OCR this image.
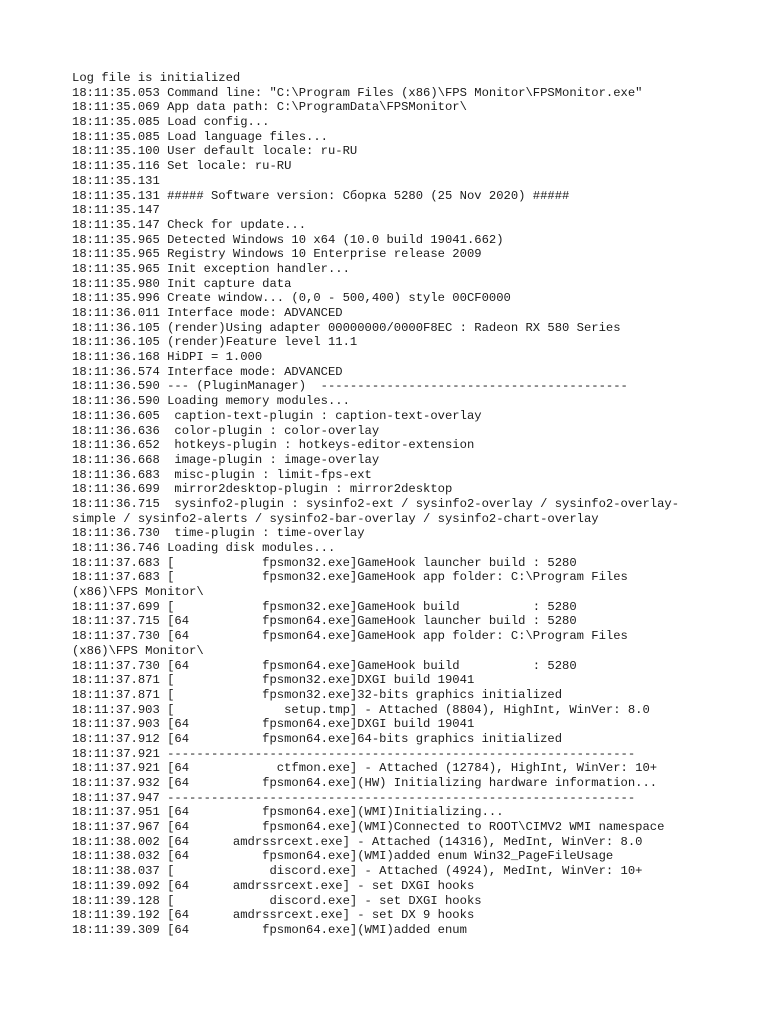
Log file is initialized
18:11:35.053 Command line: "C:\Program Files (x86)\FPS Monitor\FPSMonitor.exe"
18:11:35.069 App data path: C:\ProgramData\FPSMonitor\
18:11:35.085 Load config...
18:11:35.085 Load language files...
18:11:35.100 User default locale: ru-RU
18:11:35.116 Set locale: ru-RU
18:11:35.131
18:11:35.131 ##### Software version: Сборка 5280 (25 Nov 2020) #####
18:11:35.147
18:11:35.147 Check for update...
18:11:35.965 Detected Windows 10 x64 (10.0 build 19041.662)
18:11:35.965 Registry Windows 10 Enterprise release 2009
18:11:35.965 Init exception handler...
18:11:35.980 Init capture data
18:11:35.996 Create window... (0,0 - 500,400) style 00CF0000
18:11:36.011 Interface mode: ADVANCED
18:11:36.105 (render)Using adapter 00000000/0000F8EC : Radeon RX 580 Series
18:11:36.105 (render)Feature level 11.1
18:11:36.168 HiDPI = 1.000
18:11:36.574 Interface mode: ADVANCED
18:11:36.590 --- (PluginManager)  ------------------------------------------
18:11:36.590 Loading memory modules...
18:11:36.605  caption-text-plugin : caption-text-overlay
18:11:36.636  color-plugin : color-overlay
18:11:36.652  hotkeys-plugin : hotkeys-editor-extension
18:11:36.668  image-plugin : image-overlay
18:11:36.683  misc-plugin : limit-fps-ext
18:11:36.699  mirror2desktop-plugin : mirror2desktop
18:11:36.715  sysinfo2-plugin : sysinfo2-ext / sysinfo2-overlay / sysinfo2-overlay-
simple / sysinfo2-alerts / sysinfo2-bar-overlay / sysinfo2-chart-overlay
18:11:36.730  time-plugin : time-overlay
18:11:36.746 Loading disk modules...
18:11:37.683 [            fpsmon32.exe]GameHook launcher build : 5280
18:11:37.683 [            fpsmon32.exe]GameHook app folder: C:\Program Files
(x86)\FPS Monitor\
18:11:37.699 [            fpsmon32.exe]GameHook build          : 5280
18:11:37.715 [64          fpsmon64.exe]GameHook launcher build : 5280
18:11:37.730 [64          fpsmon64.exe]GameHook app folder: C:\Program Files
(x86)\FPS Monitor\
18:11:37.730 [64          fpsmon64.exe]GameHook build          : 5280
18:11:37.871 [            fpsmon32.exe]DXGI build 19041
18:11:37.871 [            fpsmon32.exe]32-bits graphics initialized
18:11:37.903 [               setup.tmp] - Attached (8804), HighInt, WinVer: 8.0
18:11:37.903 [64          fpsmon64.exe]DXGI build 19041
18:11:37.912 [64          fpsmon64.exe]64-bits graphics initialized
18:11:37.921 ----------------------------------------------------------------
18:11:37.921 [64            ctfmon.exe] - Attached (12784), HighInt, WinVer: 10+
18:11:37.932 [64          fpsmon64.exe](HW) Initializing hardware information...
18:11:37.947 ----------------------------------------------------------------
18:11:37.951 [64          fpsmon64.exe](WMI)Initializing...
18:11:37.967 [64          fpsmon64.exe](WMI)Connected to ROOT\CIMV2 WMI namespace
18:11:38.002 [64      amdrssrcext.exe] - Attached (14316), MedInt, WinVer: 8.0
18:11:38.032 [64          fpsmon64.exe](WMI)added enum Win32_PageFileUsage
18:11:38.037 [             discord.exe] - Attached (4924), MedInt, WinVer: 10+
18:11:39.092 [64      amdrssrcext.exe] - set DXGI hooks
18:11:39.128 [             discord.exe] - set DXGI hooks
18:11:39.192 [64      amdrssrcext.exe] - set DX 9 hooks
18:11:39.309 [64          fpsmon64.exe](WMI)added enum
